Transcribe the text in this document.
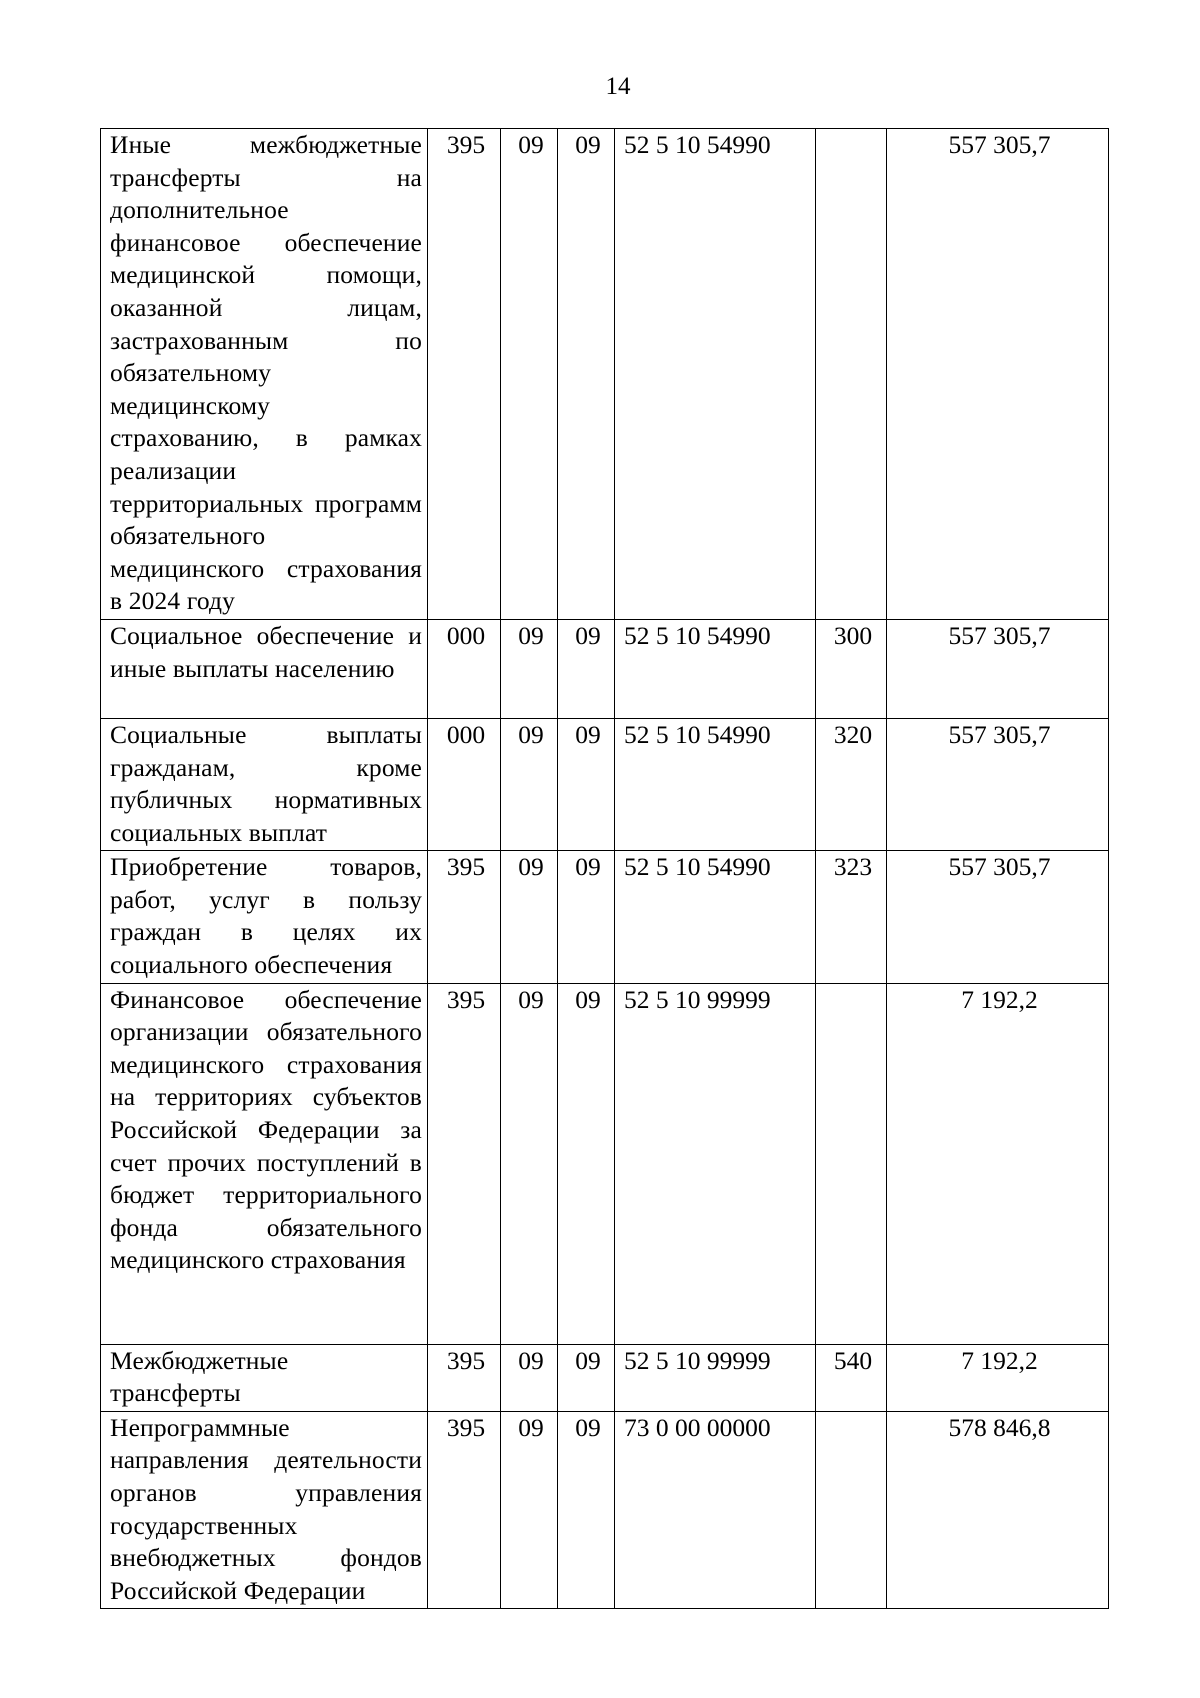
14
Иные межбюджетные трансферты на дополнительное финансовое обеспечение медицинской помощи, оказанной лицам, застрахованным по обязательному медицинскому страхованию, в рамках реализации территориальных программ обязательного медицинского страхования в 2024 году	395	09	09	52 5 10 54990		557 305,7
Социальное обеспечение и иные выплаты населению	000	09	09	52 5 10 54990	300	557 305,7
Социальные выплаты гражданам, кроме публичных нормативных социальных выплат	000	09	09	52 5 10 54990	320	557 305,7
Приобретение товаров, работ, услуг в пользу граждан в целях их социального обеспечения	395	09	09	52 5 10 54990	323	557 305,7
Финансовое обеспечение организации обязательного медицинского страхования на территориях субъектов Российской Федерации за счет прочих поступлений в бюджет территориального фонда обязательного медицинского страхования	395	09	09	52 5 10 99999		7 192,2
Межбюджетные трансферты	395	09	09	52 5 10 99999	540	7 192,2
Непрограммные направления деятельности органов управления государственных внебюджетных фондов Российской Федерации	395	09	09	73 0 00 00000		578 846,8
